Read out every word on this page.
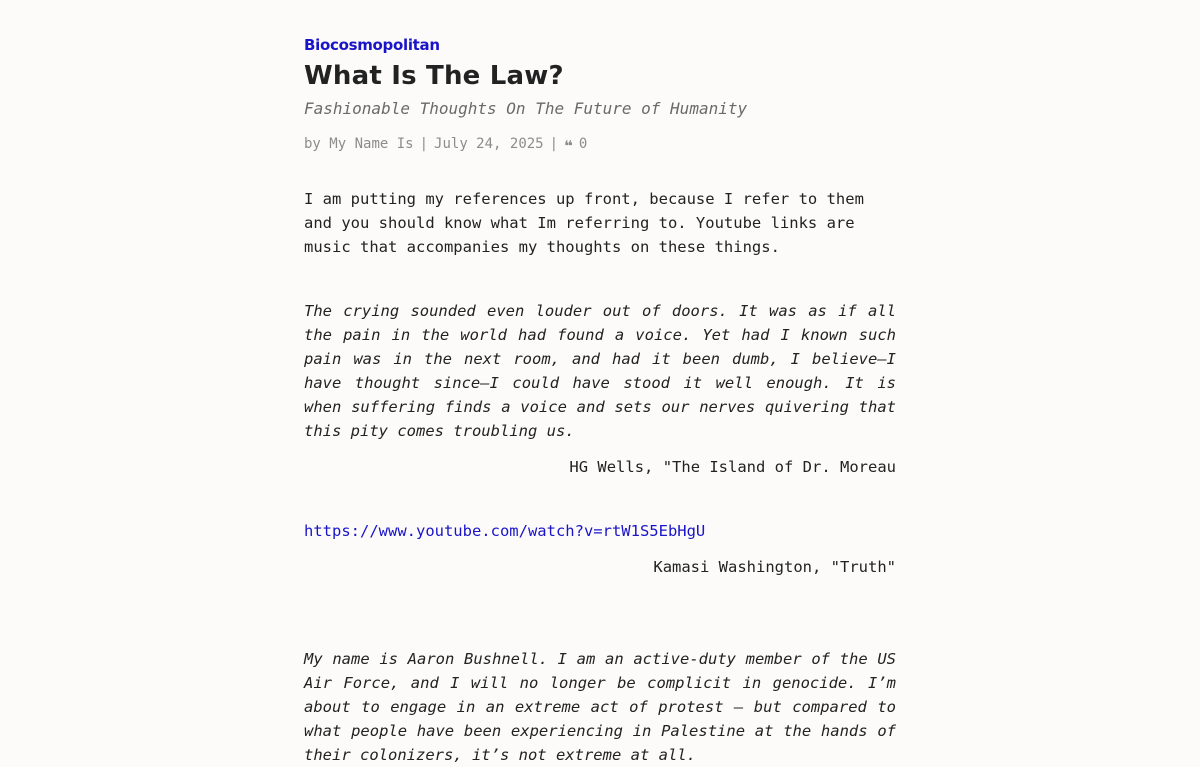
Biocosmopolitan
What Is The Law?
Fashionable Thoughts On The Future of Humanity
by
My Name Is | July 24, 2025 | ❝ 0

I am putting my references up front, because I refer to them and you should know what Im referring to. Youtube links are music that accompanies my thoughts on these things.

The crying sounded even louder out of doors. It was as if all the pain in the world had found a voice. Yet had I known such pain was in the next room, and had it been dumb, I believe—I have thought since—I could have stood it well enough. It is when suffering finds a voice and sets our nerves quivering that this pity comes troubling us.

HG Wells, "The Island of Dr. Moreau
https://www.youtube.com/watch?v=rtW1S5EbHgU
Kamasi Washington, "Truth"

My name is Aaron Bushnell. I am an active-duty member of the US Air Force, and I will no longer be complicit in genocide. I’m about to engage in an extreme act of protest — but compared to what people have been experiencing in Palestine at the hands of their colonizers, it’s not extreme at all.
